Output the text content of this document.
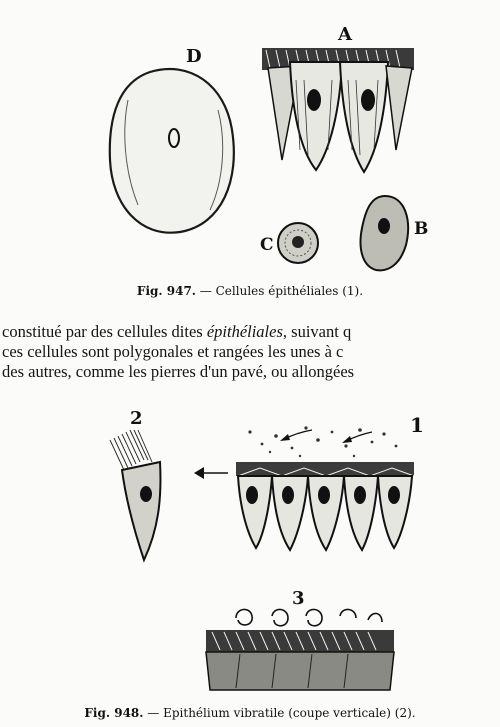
D
A
C
B
Fig. 947. — Cellules épithéliales (1).
constitué par des cellules dites épithéliales, suivant q
ces cellules sont polygonales et rangées les unes à c
des autres, comme les pierres d'un pavé, ou allongées
2	1
3
Fig. 948. — Epithélium vibratile (coupe verticale) (2).
